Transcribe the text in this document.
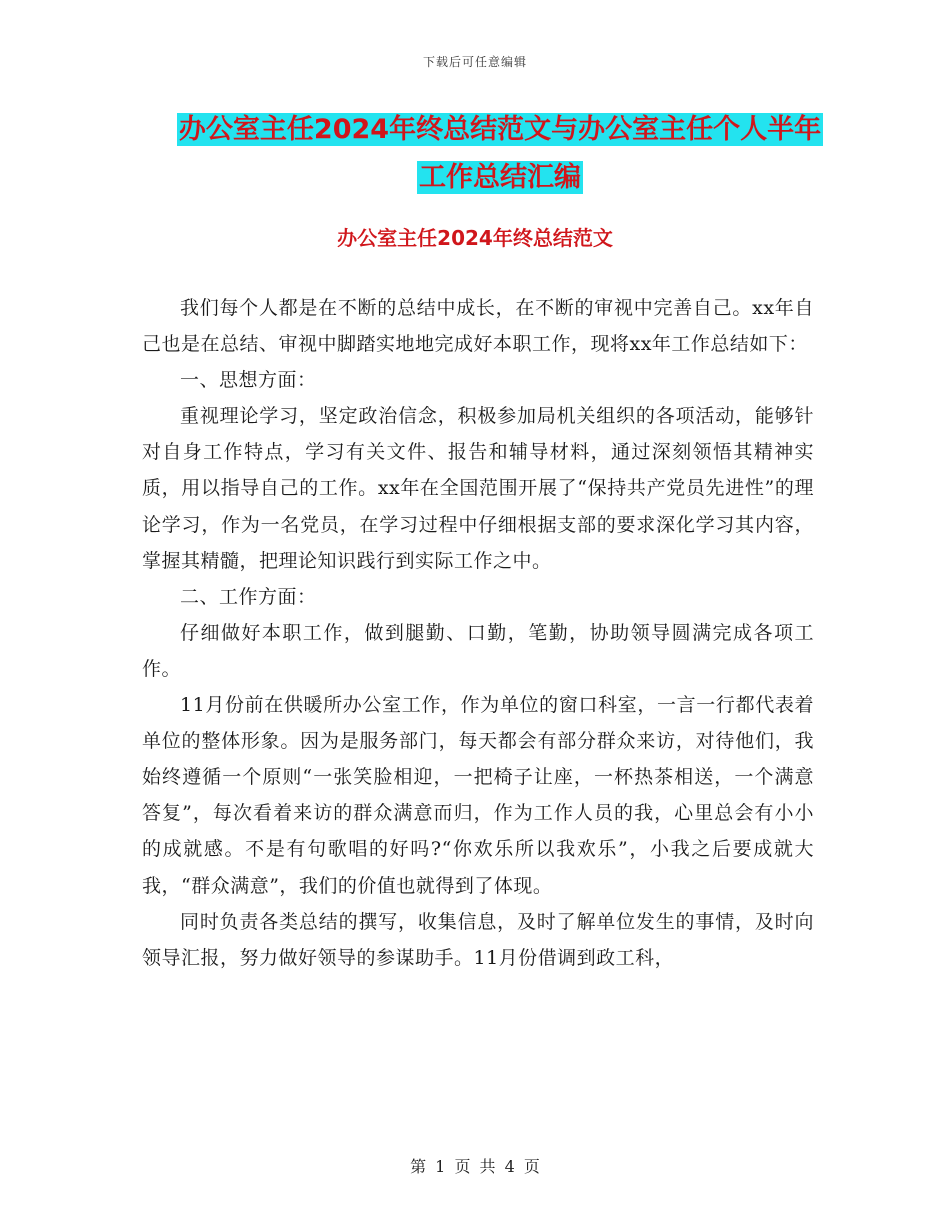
下载后可任意编辑
办公室主任2024年终总结范文与办公室主任个人半年
工作总结汇编
办公室主任2024年终总结范文

我们每个人都是在不断的总结中成长，在不断的审视中完善自己。xx年自己也是在总结、审视中脚踏实地地完成好本职工作，现将xx年工作总结如下：

一、思想方面：

重视理论学习，坚定政治信念，积极参加局机关组织的各项活动，能够针对自身工作特点，学习有关文件、报告和辅导材料，通过深刻领悟其精神实质，用以指导自己的工作。xx年在全国范围开展了“保持共产党员先进性”的理论学习，作为一名党员，在学习过程中仔细根据支部的要求深化学习其内容，掌握其精髓，把理论知识践行到实际工作之中。

二、工作方面：

仔细做好本职工作，做到腿勤、口勤，笔勤，协助领导圆满完成各项工作。

11月份前在供暖所办公室工作，作为单位的窗口科室，一言一行都代表着单位的整体形象。因为是服务部门，每天都会有部分群众来访，对待他们，我始终遵循一个原则“一张笑脸相迎，一把椅子让座，一杯热茶相送，一个满意答复”，每次看着来访的群众满意而归，作为工作人员的我，心里总会有小小的成就感。不是有句歌唱的好吗?“你欢乐所以我欢乐”，小我之后要成就大我，“群众满意”，我们的价值也就得到了体现。

同时负责各类总结的撰写，收集信息，及时了解单位发生的事情，及时向领导汇报，努力做好领导的参谋助手。11月份借调到政工科，

第 1 页 共 4 页
